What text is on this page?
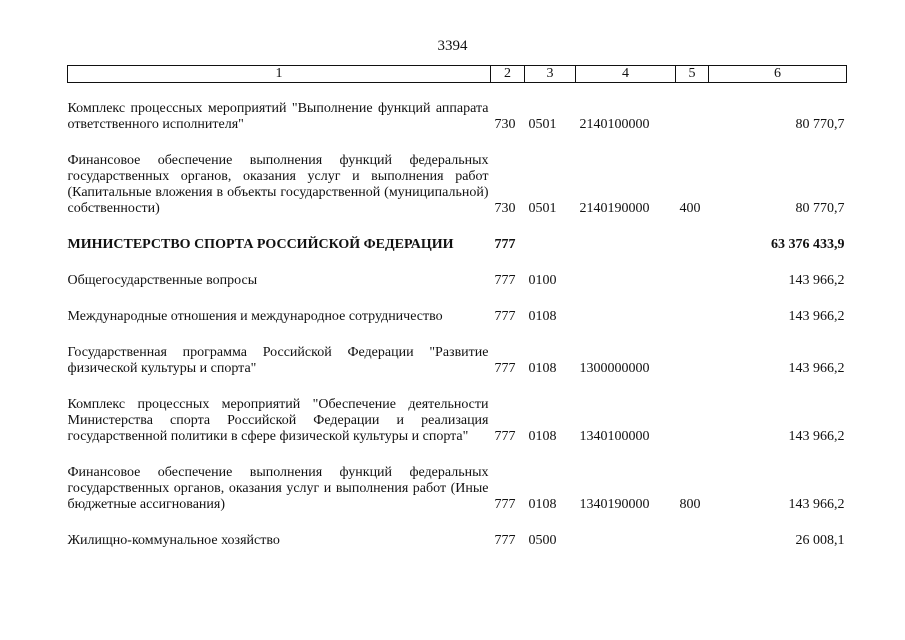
3394
1	2	3	4	5	6

Комплекс процессных мероприятий "Выполнение функций аппарата ответственного исполнителя"	730	0501	2140100000		80 770,7

Финансовое обеспечение выполнения функций федеральных государственных органов, оказания услуг и выполнения работ (Капитальные вложения в объекты государственной (муниципальной) собственности)	730	0501	2140190000	400	80 770,7

МИНИСТЕРСТВО СПОРТА РОССИЙСКОЙ ФЕДЕРАЦИИ	777				63 376 433,9

Общегосударственные вопросы	777	0100			143 966,2

Международные отношения и международное сотрудничество	777	0108			143 966,2

Государственная программа Российской Федерации "Развитие физической культуры и спорта"	777	0108	1300000000		143 966,2

Комплекс процессных мероприятий "Обеспечение деятельности Министерства спорта Российской Федерации и реализация государственной политики в сфере физической культуры и спорта"	777	0108	1340100000		143 966,2

Финансовое обеспечение выполнения функций федеральных государственных органов, оказания услуг и выполнения работ (Иные бюджетные ассигнования)	777	0108	1340190000	800	143 966,2

Жилищно-коммунальное хозяйство	777	0500			26 008,1
